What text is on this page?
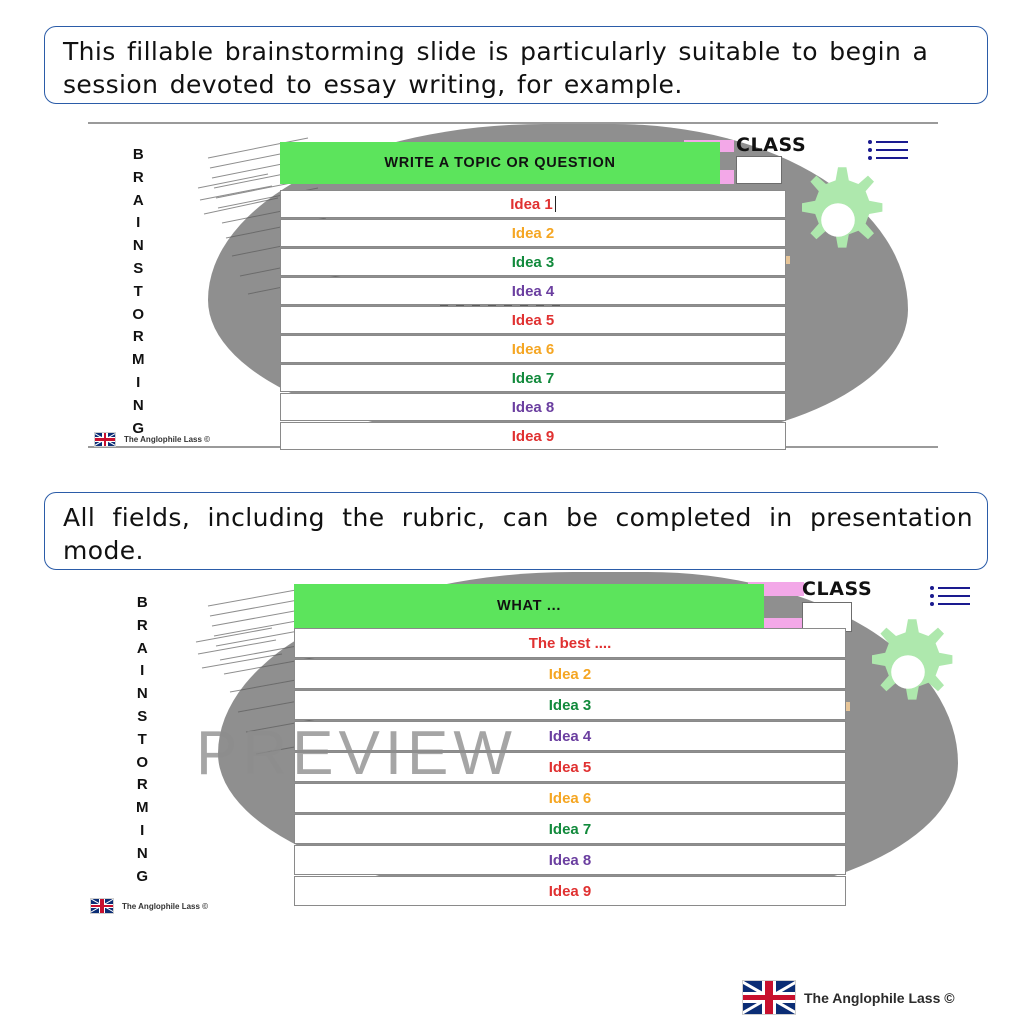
This fillable brainstorming slide is particularly suitable to begin a session devoted to essay writing, for example.
B
R
A
I
N
S
T
O
R
M
I
N
G
CLASS
WRITE A TOPIC OR QUESTION
Idea 1
Idea 2
Idea 3
Idea 4
Idea 5
Idea 6
Idea 7
Idea 8
Idea 9
The Anglophile Lass ©
All fields, including the rubric, can be completed in presentation mode.
B
R
A
I
N
S
T
O
R
M
I
N
G
CLASS
WHAT ...
The best ....
Idea 2
Idea 3
Idea 4
Idea 5
Idea 6
Idea 7
Idea 8
Idea 9
PREVIEW
The Anglophile Lass ©
The Anglophile Lass ©
